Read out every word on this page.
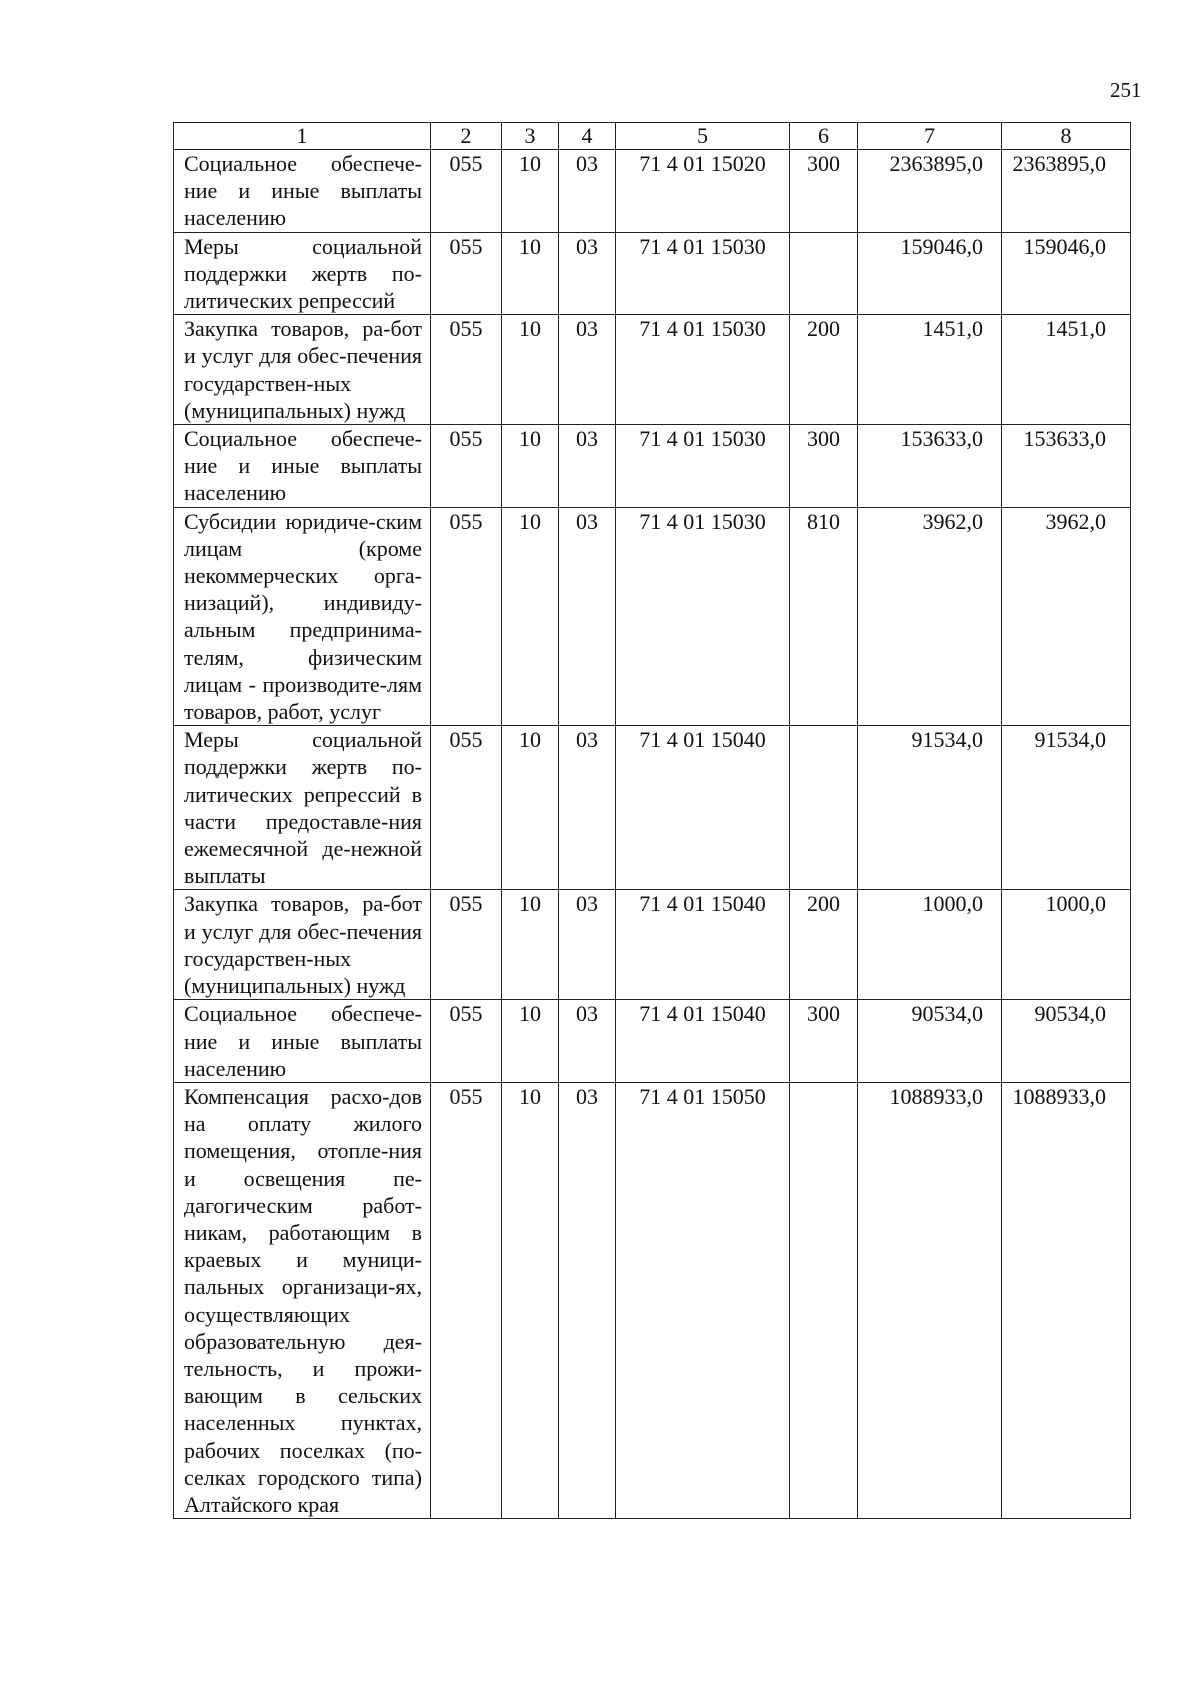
251
1	2	3	4	5	6	7	8
Социальное обеспече-ние и иные выплаты населению	055	10	03	71 4 01 15020	300	2363895,0	2363895,0
Меры социальной поддержки жертв по-литических репрессий	055	10	03	71 4 01 15030		159046,0	159046,0
Закупка товаров, ра-бот и услуг для обес-печения государствен-ных (муниципальных) нужд	055	10	03	71 4 01 15030	200	1451,0	1451,0
Социальное обеспече-ние и иные выплаты населению	055	10	03	71 4 01 15030	300	153633,0	153633,0
Субсидии юридиче-ским лицам (кроме некоммерческих орга-низаций), индивиду-альным предпринима-телям, физическим лицам - производите-лям товаров, работ, услуг	055	10	03	71 4 01 15030	810	3962,0	3962,0
Меры социальной поддержки жертв по-литических репрессий в части предоставле-ния ежемесячной де-нежной выплаты	055	10	03	71 4 01 15040		91534,0	91534,0
Закупка товаров, ра-бот и услуг для обес-печения государствен-ных (муниципальных) нужд	055	10	03	71 4 01 15040	200	1000,0	1000,0
Социальное обеспече-ние и иные выплаты населению	055	10	03	71 4 01 15040	300	90534,0	90534,0
Компенсация расхо-дов на оплату жилого помещения, отопле-ния и освещения пе-дагогическим работ-никам, работающим в краевых и муници-пальных организаци-ях, осуществляющих образовательную дея-тельность, и прожи-вающим в сельских населенных пунктах, рабочих поселках (по-селках городского типа) Алтайского края	055	10	03	71 4 01 15050		1088933,0	1088933,0
